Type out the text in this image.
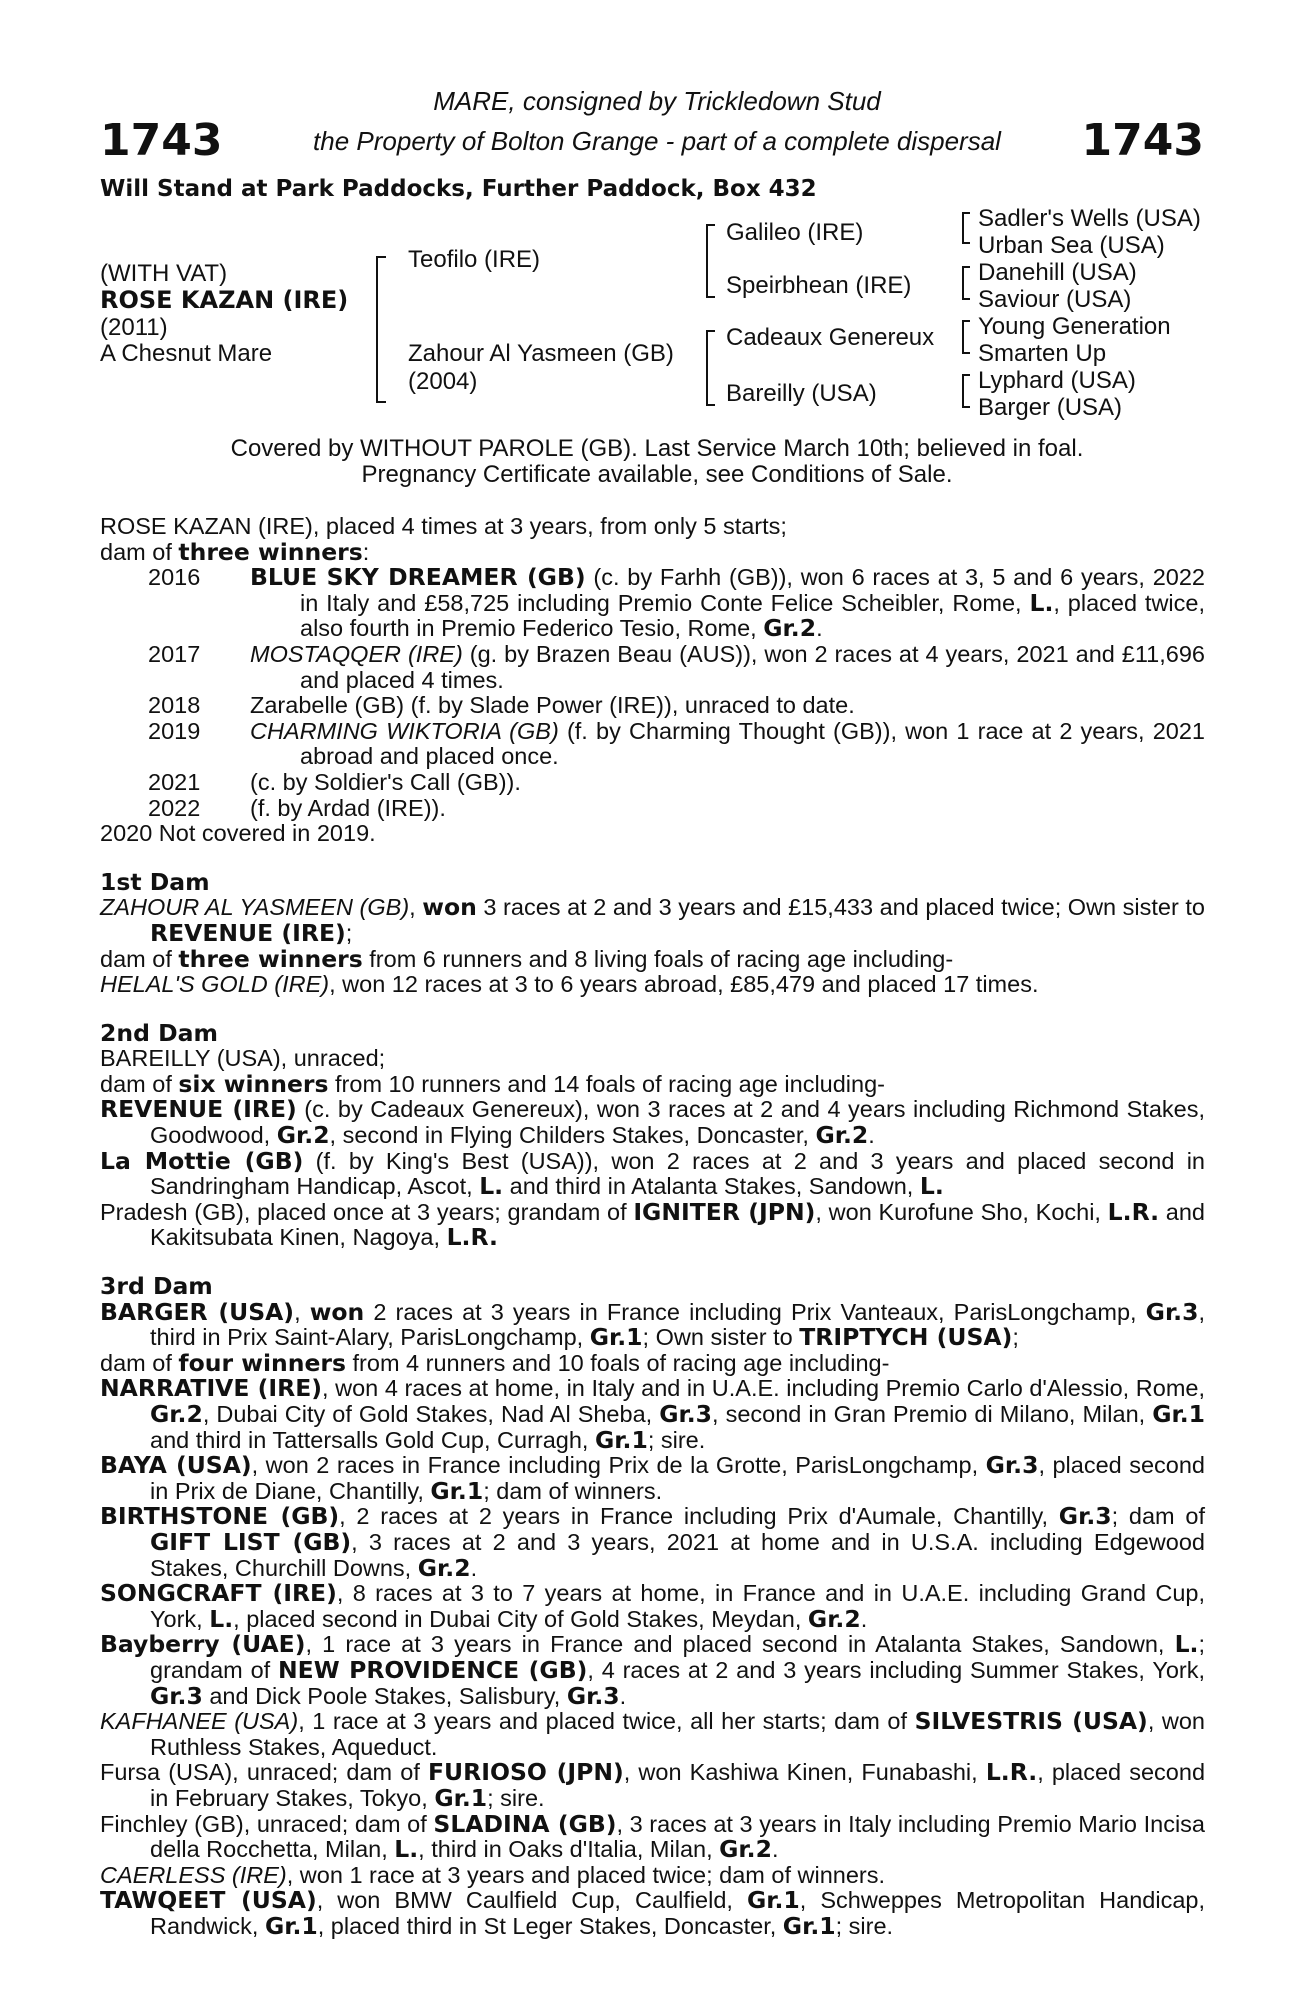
1743	1743
MARE, consigned by Trickledown Stud
the Property of Bolton Grange - part of a complete dispersal
Will Stand at Park Paddocks, Further Paddock, Box 432
(WITH VAT)
ROSE KAZAN (IRE)
(2011)
A Chesnut Mare
Teofilo (IRE)
Zahour Al Yasmeen (GB)
(2004)
Galileo (IRE)
Speirbhean (IRE)
Cadeaux Genereux
Bareilly (USA)
Sadler's Wells (USA)
Urban Sea (USA)
Danehill (USA)
Saviour (USA)
Young Generation
Smarten Up
Lyphard (USA)
Barger (USA)
Covered by WITHOUT PAROLE (GB). Last Service March 10th; believed in foal.
Pregnancy Certificate available, see Conditions of Sale.

ROSE KAZAN (IRE), placed 4 times at 3 years, from only 5 starts;

dam of three winners:

2016	BLUE SKY DREAMER (GB) (c. by Farhh (GB)), won 6 races at 3, 5 and 6 years, 2022 in Italy and £58,725 including Premio Conte Felice Scheibler, Rome, L., placed twice, also fourth in Premio Federico Tesio, Rome, Gr.2.
2017	MOSTAQQER (IRE) (g. by Brazen Beau (AUS)), won 2 races at 4 years, 2021 and £11,696 and placed 4 times.
2018	Zarabelle (GB) (f. by Slade Power (IRE)), unraced to date.
2019	CHARMING WIKTORIA (GB) (f. by Charming Thought (GB)), won 1 race at 2 years, 2021 abroad and placed once.
2021	(c. by Soldier's Call (GB)).
2022	(f. by Ardad (IRE)).

2020 Not covered in 2019.

1st Dam

ZAHOUR AL YASMEEN (GB), won 3 races at 2 and 3 years and £15,433 and placed twice; Own sister to REVENUE (IRE);

dam of three winners from 6 runners and 8 living foals of racing age including-

HELAL'S GOLD (IRE), won 12 races at 3 to 6 years abroad, £85,479 and placed 17 times.

2nd Dam

BAREILLY (USA), unraced;

dam of six winners from 10 runners and 14 foals of racing age including-

REVENUE (IRE) (c. by Cadeaux Genereux), won 3 races at 2 and 4 years including Richmond Stakes, Goodwood, Gr.2, second in Flying Childers Stakes, Doncaster, Gr.2.

La Mottie (GB) (f. by King's Best (USA)), won 2 races at 2 and 3 years and placed second in Sandringham Handicap, Ascot, L. and third in Atalanta Stakes, Sandown, L.

Pradesh (GB), placed once at 3 years; grandam of IGNITER (JPN), won Kurofune Sho, Kochi, L.R. and Kakitsubata Kinen, Nagoya, L.R.

3rd Dam

BARGER (USA), won 2 races at 3 years in France including Prix Vanteaux, ParisLongchamp, Gr.3, third in Prix Saint-Alary, ParisLongchamp, Gr.1; Own sister to TRIPTYCH (USA);

dam of four winners from 4 runners and 10 foals of racing age including-

NARRATIVE (IRE), won 4 races at home, in Italy and in U.A.E. including Premio Carlo d'Alessio, Rome, Gr.2, Dubai City of Gold Stakes, Nad Al Sheba, Gr.3, second in Gran Premio di Milano, Milan, Gr.1 and third in Tattersalls Gold Cup, Curragh, Gr.1; sire.

BAYA (USA), won 2 races in France including Prix de la Grotte, ParisLongchamp, Gr.3, placed second in Prix de Diane, Chantilly, Gr.1; dam of winners.

BIRTHSTONE (GB), 2 races at 2 years in France including Prix d'Aumale, Chantilly, Gr.3; dam of GIFT LIST (GB), 3 races at 2 and 3 years, 2021 at home and in U.S.A. including Edgewood Stakes, Churchill Downs, Gr.2.

SONGCRAFT (IRE), 8 races at 3 to 7 years at home, in France and in U.A.E. including Grand Cup, York, L., placed second in Dubai City of Gold Stakes, Meydan, Gr.2.

Bayberry (UAE), 1 race at 3 years in France and placed second in Atalanta Stakes, Sandown, L.; grandam of NEW PROVIDENCE (GB), 4 races at 2 and 3 years including Summer Stakes, York, Gr.3 and Dick Poole Stakes, Salisbury, Gr.3.

KAFHANEE (USA), 1 race at 3 years and placed twice, all her starts; dam of SILVESTRIS (USA), won Ruthless Stakes, Aqueduct.

Fursa (USA), unraced; dam of FURIOSO (JPN), won Kashiwa Kinen, Funabashi, L.R., placed second in February Stakes, Tokyo, Gr.1; sire.

Finchley (GB), unraced; dam of SLADINA (GB), 3 races at 3 years in Italy including Premio Mario Incisa della Rocchetta, Milan, L., third in Oaks d'Italia, Milan, Gr.2.

CAERLESS (IRE), won 1 race at 3 years and placed twice; dam of winners.

TAWQEET (USA), won BMW Caulfield Cup, Caulfield, Gr.1, Schweppes Metropolitan Handicap, Randwick, Gr.1, placed third in St Leger Stakes, Doncaster, Gr.1; sire.
